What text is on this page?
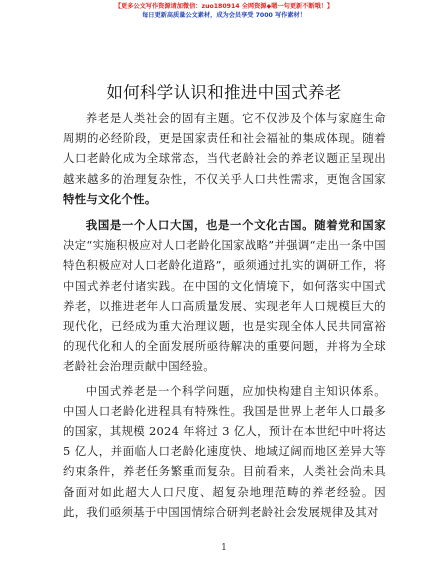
【更多公文写作资源请加微信：zuo180914 全网资源◆嗯一句更新不断哦！】
每日更新高质量公文素材，成为会员享受 7000 写作素材！
如何科学认识和推进中国式养老

养老是人类社会的固有主题。它不仅涉及个体与家庭生命周期的必经阶段，更是国家责任和社会福祉的集成体现。随着人口老龄化成为全球常态，当代老龄社会的养老议题正呈现出越来越多的治理复杂性，不仅关乎人口共性需求，更饱含国家特性与文化个性。

我国是一个人口大国，也是一个文化古国。随着党和国家决定“实施积极应对人口老龄化国家战略”并强调“走出一条中国特色积极应对人口老龄化道路”，亟须通过扎实的调研工作，将中国式养老付诸实践。在中国的文化情境下，如何落实中国式养老，以推进老年人口高质量发展、实现老年人口规模巨大的现代化，已经成为重大治理议题，也是实现全体人民共同富裕的现代化和人的全面发展所亟待解决的重要问题，并将为全球老龄社会治理贡献中国经验。

中国式养老是一个科学问题，应加快构建自主知识体系。中国人口老龄化进程具有特殊性。我国是世界上老年人口最多的国家，其规模 2024 年将过 3 亿人，预计在本世纪中叶将达 5 亿人，并面临人口老龄化速度快、地域辽阔而地区差异大等约束条件，养老任务繁重而复杂。目前看来，人类社会尚未具备面对如此超大人口尺度、超复杂地理范畴的养老经验。因此，我们亟须基于中国国情综合研判老龄社会发展规律及其对

1
